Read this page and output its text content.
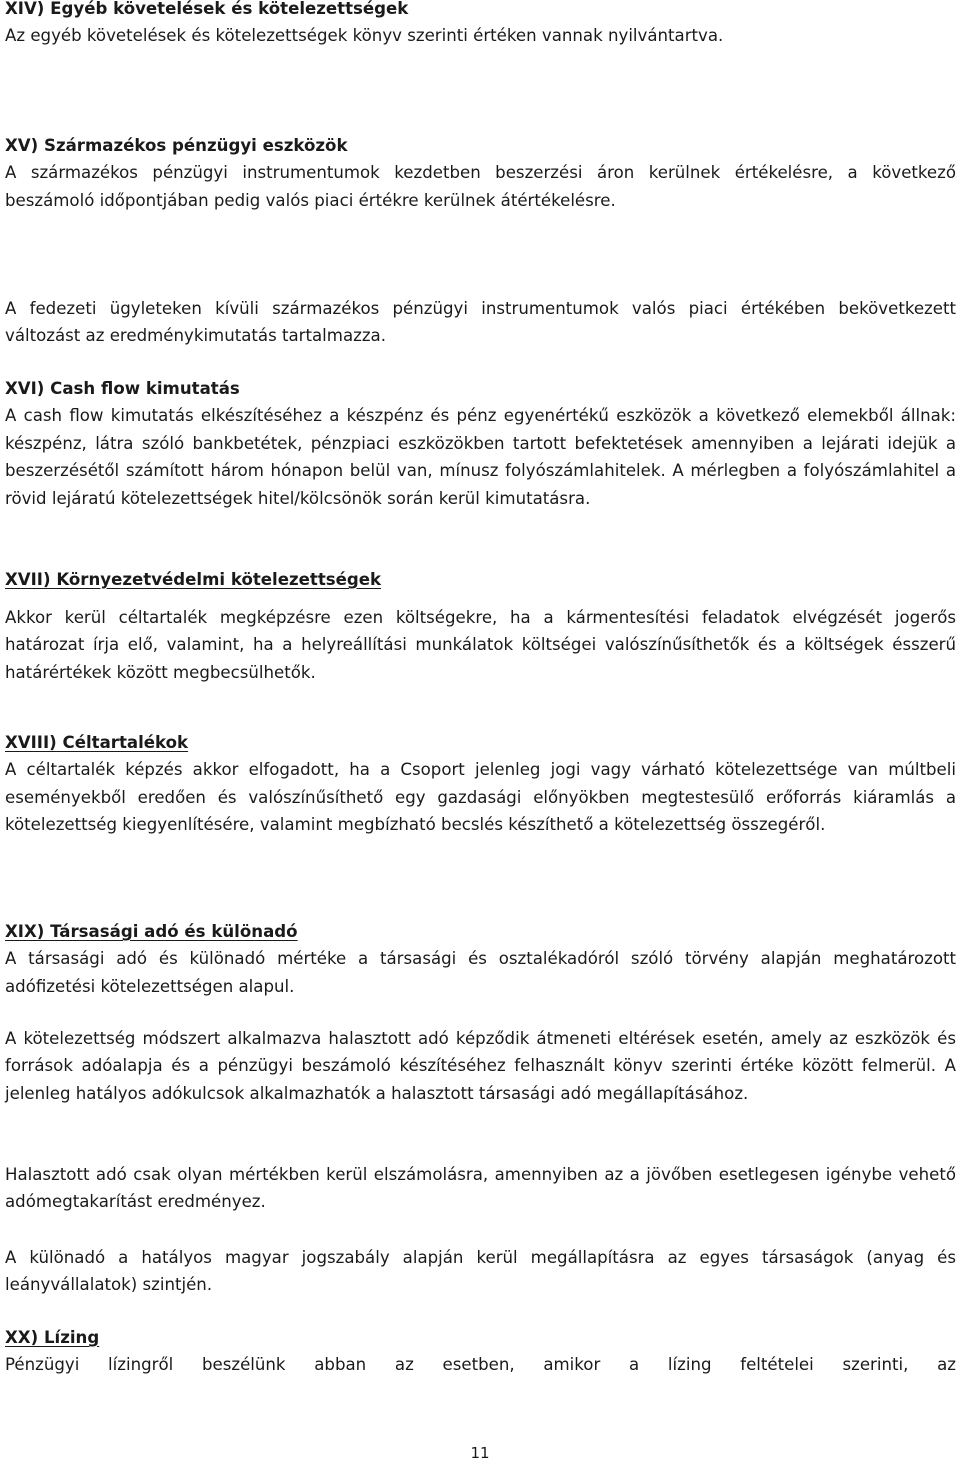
XIV) Egyéb követelések és kötelezettségek

Az egyéb követelések és kötelezettségek könyv szerinti értéken vannak nyilvántartva.

XV) Származékos pénzügyi eszközök

A származékos pénzügyi instrumentumok kezdetben beszerzési áron kerülnek értékelésre, a következő beszámoló időpontjában pedig valós piaci értékre kerülnek átértékelésre.

A fedezeti ügyleteken kívüli származékos pénzügyi instrumentumok valós piaci értékében bekövetkezett változást az eredménykimutatás tartalmazza.

XVI) Cash flow kimutatás

A cash flow kimutatás elkészítéséhez a készpénz és pénz egyenértékű eszközök a következő elemekből állnak: készpénz, látra szóló bankbetétek, pénzpiaci eszközökben tartott befektetések amennyiben a lejárati idejük a beszerzésétől számított három hónapon belül van, mínusz folyószámlahitelek. A mérlegben a folyószámlahitel a rövid lejáratú kötelezettségek hitel/kölcsönök során kerül kimutatásra.

XVII) Környezetvédelmi kötelezettségek

Akkor kerül céltartalék megképzésre ezen költségekre, ha a kármentesítési feladatok elvégzését jogerős határozat írja elő, valamint, ha a helyreállítási munkálatok költségei valószínűsíthetők és a költségek ésszerű határértékek között megbecsülhetők.

XVIII) Céltartalékok

A céltartalék képzés akkor elfogadott, ha a Csoport jelenleg jogi vagy várható kötelezettsége van múltbeli eseményekből eredően és valószínűsíthető egy gazdasági előnyökben megtestesülő erőforrás kiáramlás a kötelezettség kiegyenlítésére, valamint megbízható becslés készíthető a kötelezettség összegéről.

XIX) Társasági adó és különadó

A társasági adó és különadó mértéke a társasági és osztalékadóról szóló törvény alapján meghatározott adófizetési kötelezettségen alapul.

A kötelezettség módszert alkalmazva halasztott adó képződik átmeneti eltérések esetén, amely az eszközök és források adóalapja és a pénzügyi beszámoló készítéséhez felhasznált könyv szerinti értéke között felmerül. A jelenleg hatályos adókulcsok alkalmazhatók a halasztott társasági adó megállapításához.

Halasztott adó csak olyan mértékben kerül elszámolásra, amennyiben az a jövőben esetlegesen igénybe vehető adómegtakarítást eredményez.

A különadó a hatályos magyar jogszabály alapján kerül megállapításra az egyes társaságok (anyag és leányvállalatok) szintjén.

XX) Lízing

Pénzügyi lízingről beszélünk abban az esetben, amikor a lízing feltételei szerinti, az

11
